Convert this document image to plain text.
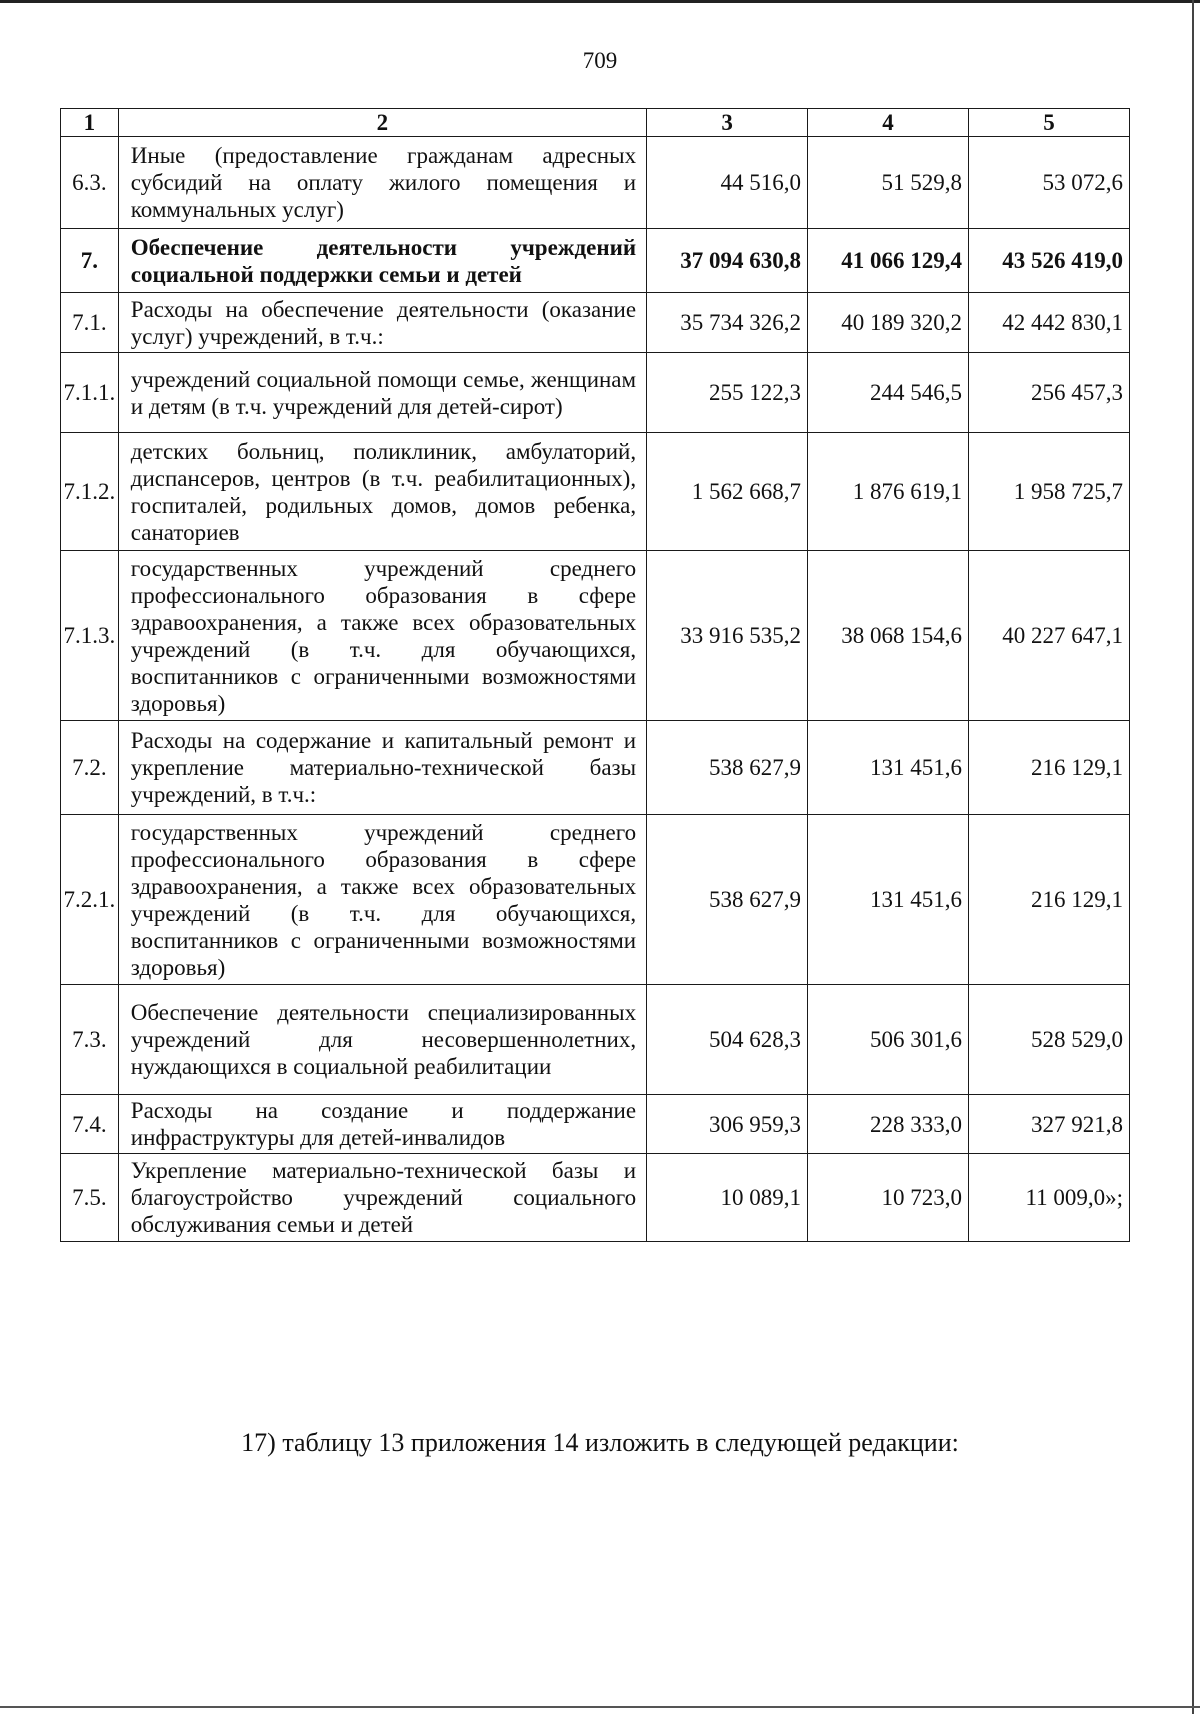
709
1	2	3	4	5
6.3.	Иные (предоставление гражданам адресных субсидий на оплату жилого помещения и коммунальных услуг)	44 516,0	51 529,8	53 072,6
7.	Обеспечение деятельности учреждений социальной поддержки семьи и детей	37 094 630,8	41 066 129,4	43 526 419,0
7.1.	Расходы на обеспечение деятельности (оказание услуг) учреждений, в т.ч.:	35 734 326,2	40 189 320,2	42 442 830,1
7.1.1.	учреждений социальной помощи семье, женщинам и детям (в т.ч. учреждений для детей-сирот)	255 122,3	244 546,5	256 457,3
7.1.2.	детских больниц, поликлиник, амбулаторий, диспансеров, центров (в т.ч. реабилитационных), госпиталей, родильных домов, домов ребенка, санаториев	1 562 668,7	1 876 619,1	1 958 725,7
7.1.3.	государственных учреждений среднего профессионального образования в сфере здравоохранения, а также всех образовательных учреждений (в т.ч. для обучающихся, воспитанников с ограниченными возможностями здоровья)	33 916 535,2	38 068 154,6	40 227 647,1
7.2.	Расходы на содержание и капитальный ремонт и укрепление материально-технической базы учреждений, в т.ч.:	538 627,9	131 451,6	216 129,1
7.2.1.	государственных учреждений среднего профессионального образования в сфере здравоохранения, а также всех образовательных учреждений (в т.ч. для обучающихся, воспитанников с ограниченными возможностями здоровья)	538 627,9	131 451,6	216 129,1
7.3.	Обеспечение деятельности специализированных учреждений для несовершеннолетних, нуждающихся в социальной реабилитации	504 628,3	506 301,6	528 529,0
7.4.	Расходы на создание и поддержание инфраструктуры для детей-инвалидов	306 959,3	228 333,0	327 921,8
7.5.	Укрепление материально-технической базы и благоустройство учреждений социального обслуживания семьи и детей	10 089,1	10 723,0	11 009,0»;
17) таблицу 13 приложения 14 изложить в следующей редакции:
